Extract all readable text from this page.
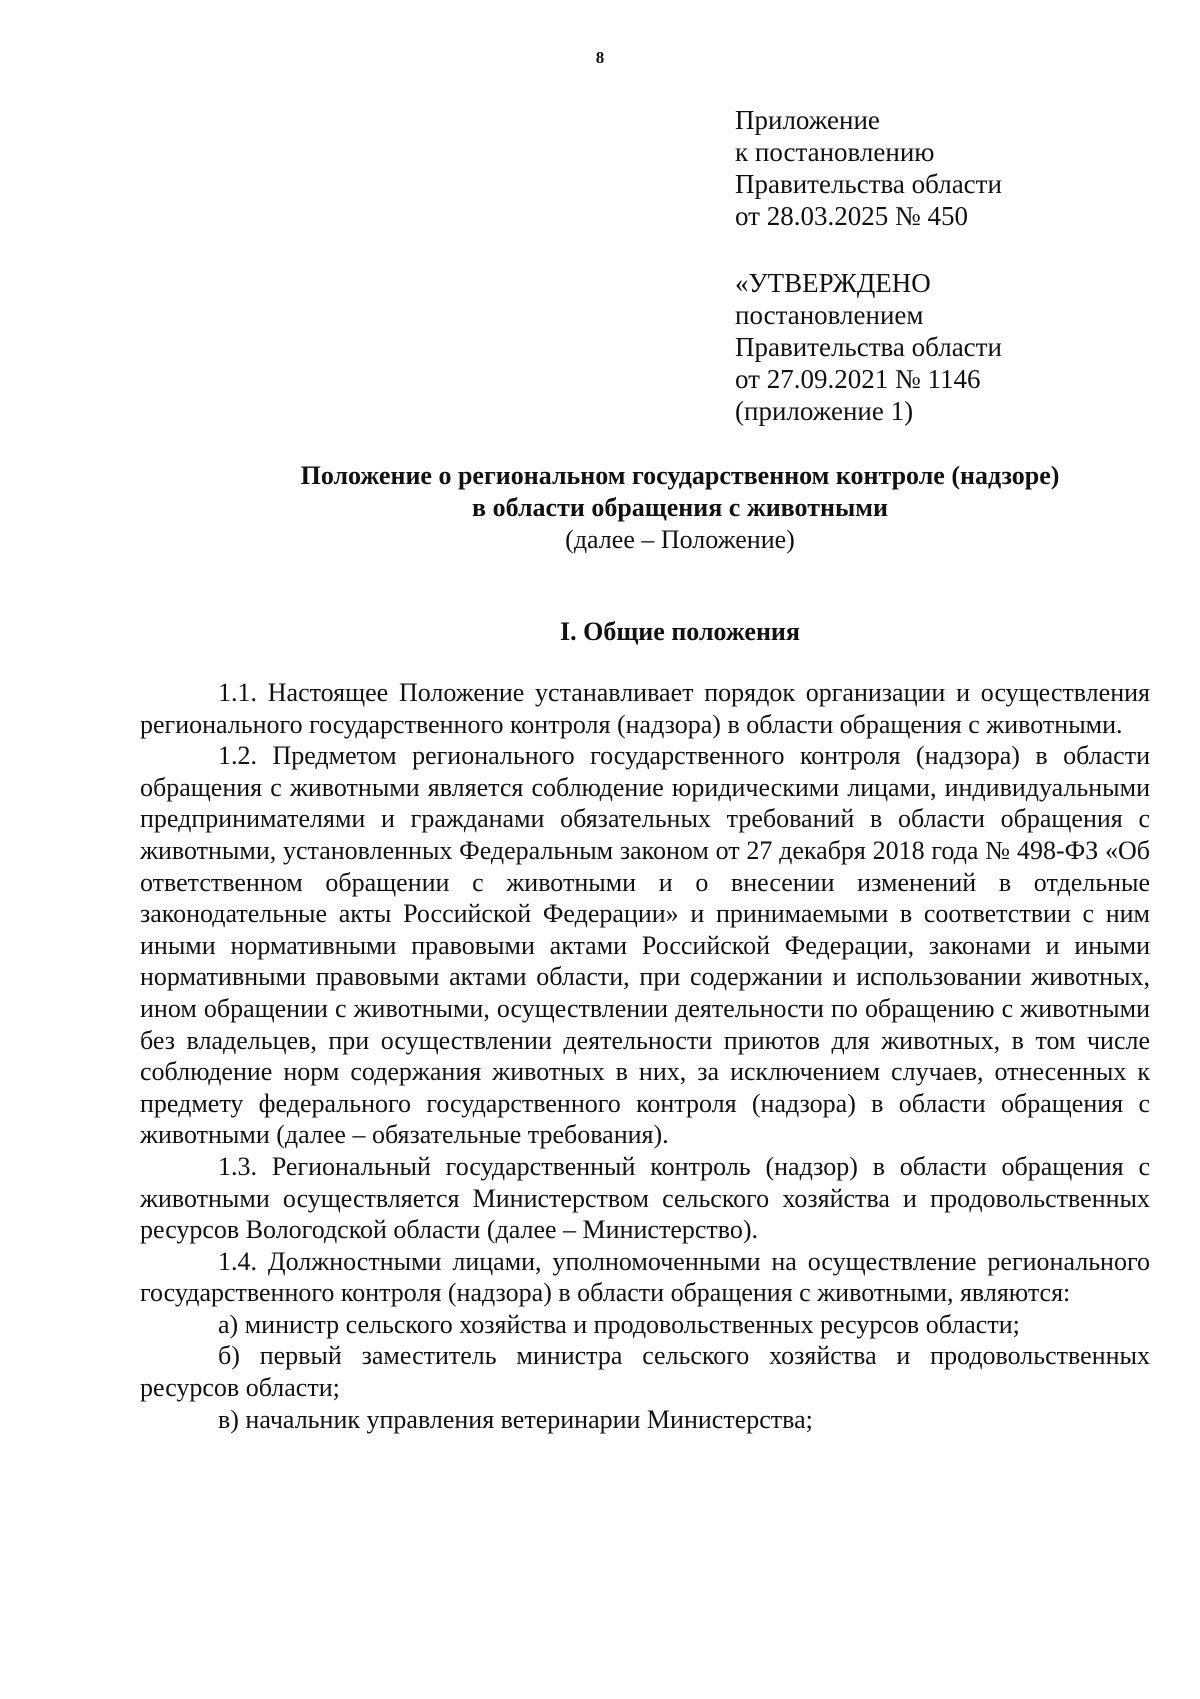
8
Приложение
к постановлению
Правительства области
от 28.03.2025 № 450
«УТВЕРЖДЕНО
постановлением
Правительства области
от 27.09.2021 № 1146
(приложение 1)
Положение о региональном государственном контроле (надзоре)
в области обращения с животными
(далее – Положение)
I. Общие положения

1.1. Настоящее Положение устанавливает порядок организации и осуществления регионального государственного контроля (надзора) в области обращения с животными.

1.2. Предметом регионального государственного контроля (надзора) в области обращения с животными является соблюдение юридическими лицами, индивидуальными предпринимателями и гражданами обязательных требований в области обращения с животными, установленных Федеральным законом от 27 декабря 2018 года № 498-ФЗ «Об ответственном обращении с животными и о внесении изменений в отдельные законодательные акты Российской Федерации» и принимаемыми в соответствии с ним иными нормативными правовыми актами Российской Федерации, законами и иными нормативными правовыми актами области, при содержании и использовании животных, ином обращении с животными, осуществлении деятельности по обращению с животными без владельцев, при осуществлении деятельности приютов для животных, в том числе соблюдение норм содержания животных в них, за исключением случаев, отнесенных к предмету федерального государственного контроля (надзора) в области обращения с животными (далее – обязательные требования).

1.3. Региональный государственный контроль (надзор) в области обращения с животными осуществляется Министерством сельского хозяйства и продовольственных ресурсов Вологодской области (далее – Министерство).

1.4. Должностными лицами, уполномоченными на осуществление регионального государственного контроля (надзора) в области обращения с животными, являются:

а) министр сельского хозяйства и продовольственных ресурсов области;

б) первый заместитель министра сельского хозяйства и продовольственных ресурсов области;

в) начальник управления ветеринарии Министерства;
